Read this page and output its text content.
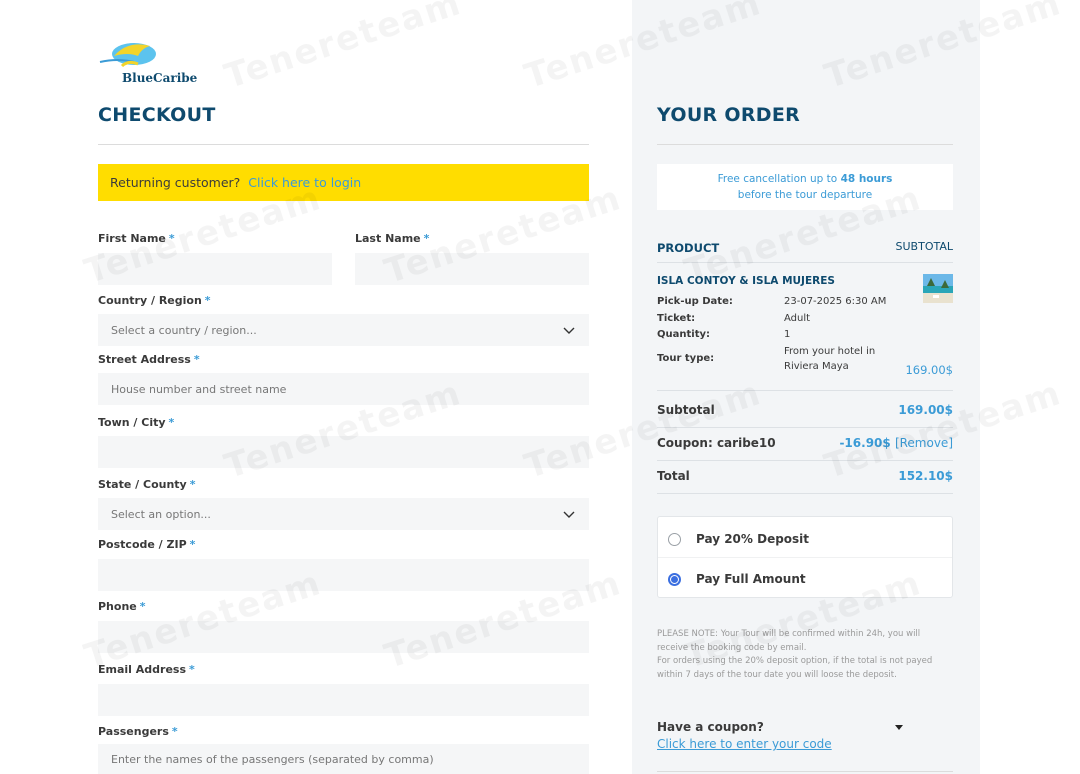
BlueCaribe
CHECKOUT
Returning customer? Click here to login
First Name *	Last Name *
Country / Region *
Select a country / region...
Street Address *
House number and street name
Town / City *
State / County *
Select an option...
Postcode / ZIP *
Phone *
Email Address *
Passengers *
Enter the names of the passengers (separated by comma)
YOUR ORDER
Free cancellation up to 48 hours
before the tour departure
PRODUCT	SUBTOTAL
ISLA CONTOY & ISLA MUJERES
Pick-up Date:	23-07-2025 6:30 AM
Ticket:	Adult
Quantity:	1
Tour type:
From your hotel in
Riviera Maya	169.00$
Subtotal	169.00$
Coupon: caribe10	-16.90$ [Remove]
Total	152.10$
Pay 20% Deposit
Pay Full Amount
PLEASE NOTE: Your Tour will be confirmed within 24h, you will
receive the booking code by email.
For orders using the 20% deposit option, if the total is not payed
within 7 days of the tour date you will loose the deposit.
Have a coupon?
Click here to enter your code
